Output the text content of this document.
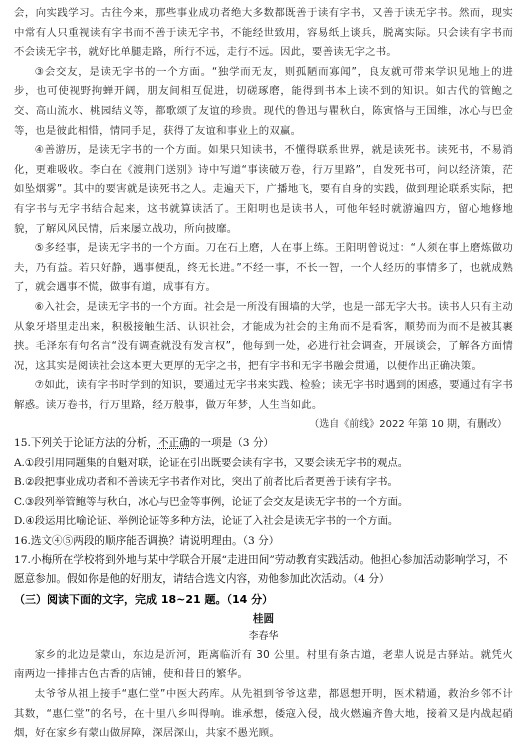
会，向实践学习。古往今来，那些事业成功者绝大多数都既善于读有字书，又善于读无字书。然而，现实中常有人只重视读有字书而不善于读无字书，不能经世致用，容易纸上谈兵，脱离实际。只会读有字书而不会读无字书，就好比单腿走路，所行不远，走行不远。因此，要善读无字之书。

③会交友，是读无字书的一个方面。“独学而无友，则孤陋而寡闻”，良友就可带来学识见地上的进步，也可使视野拘蝉开阔，朋友间相互促进，切磋琢磨，能得到书本上读不到的知识。如古代的管鲍之交、高山流水、桃园结义等，都歌颂了友谊的珍贵。现代的鲁迅与瞿秋白，陈寅恪与王国维，冰心与巴金等，也是彼此相惜，情同手足，获得了友谊和事业上的双赢。

④善游历，是读无字书的一个方面。如果只知读书，不懂得联系世界，就是读死书。读死书，不易消化，更难吸收。李白在《渡荆门送别》诗中写道“事读破万卷，行万里路”，自发死书可，问以经济策，茫如坠烟雾”。其中的要害就是读死书之人。走遍天下，广播地飞，要有自身的实践，做到理论联系实际，把有字书与无字书结合起来，这书就算读活了。王阳明也是读书人，可他年轻时就游遍四方，留心地修地貌，了解风风民情，后来屡立战功，所向披靡。

⑤多经事，是读无字书的一个方面。刀在石上磨，人在事上练。王阳明曾说过：“人须在事上磨炼做功夫，乃有益。若只好静，遇事便乱，终无长进。”不经一事，不长一智，一个人经历的事情多了，也就成熟了，就会遇事不慌，做事有道，成事有方。

⑥入社会，是读无字书的一个方面。社会是一所没有围墙的大学，也是一部无字大书。读书人只有主动从象牙塔里走出来，积极接触生活、认识社会，才能成为社会的主角而不是看客，顺势而为而不是被其裹挟。毛泽东有句名言“没有调查就没有发言权”，他每到一处，必进行社会调查，开展谈会，了解各方面情况，这其实是阅读社会这本更大更厚的无字之书，把有字书和无字书融会贯通，以便作出正确决策。

⑦如此，读有字书时学到的知识，要通过无字书来实践、检验；读无字书时遇到的困惑，要通过有字书解惑。读万卷书，行万里路，经万般事，做万年梦，人生当如此。

（选自《前线》2022 年第 10 期，有删改）

15.下列关于论证方法的分析，不正确的一项是（3 分）

A.①段引用同题集的自魁对联，论证在引出既要会读有字书，又要会读无字书的观点。

B.②段把事业成功者和不善读无字书者作对比，突出了前者比后者更善于读有字书。

C.③段列举管鲍等与秋白，冰心与巴金等事例，论证了会交友是读无字书的一个方面。

D.④段运用比喻论证、举例论证等多种方法，论证了入社会是读无字书的一个方面。

16.选文④⑤两段的顺序能否调换？请说明理由。（3 分）

17.小梅所在学校将到外地与某中学联合开展“走进田间”劳动教育实践活动。他担心参加活动影响学习，不愿意参加。假如你是他的好朋友，请结合选文内容，劝他参加此次活动。（4 分）

（三）阅读下面的文字，完成 18~21 题。（14 分）

桂圆

李春华

家乡的北边是蒙山，东边是沂河，距离临沂有 30 公里。村里有条古道，老辈人说是古驿站。就凭火南两边一排排古色古香的店铺，使和昔日的繁华。

太爷爷从祖上接手“惠仁堂”中医大药库。从先祖到爷爷这辈，都恩想开明，医术精通，救治乡邻不计其数，“惠仁堂”的名号，在十里八乡叫得响。谁承想，倭寇入侵，战火燃遍齐鲁大地，接着又是内战起硝烟，好在家乡有蒙山做屏障，深居深山，共家不愚光顾。
